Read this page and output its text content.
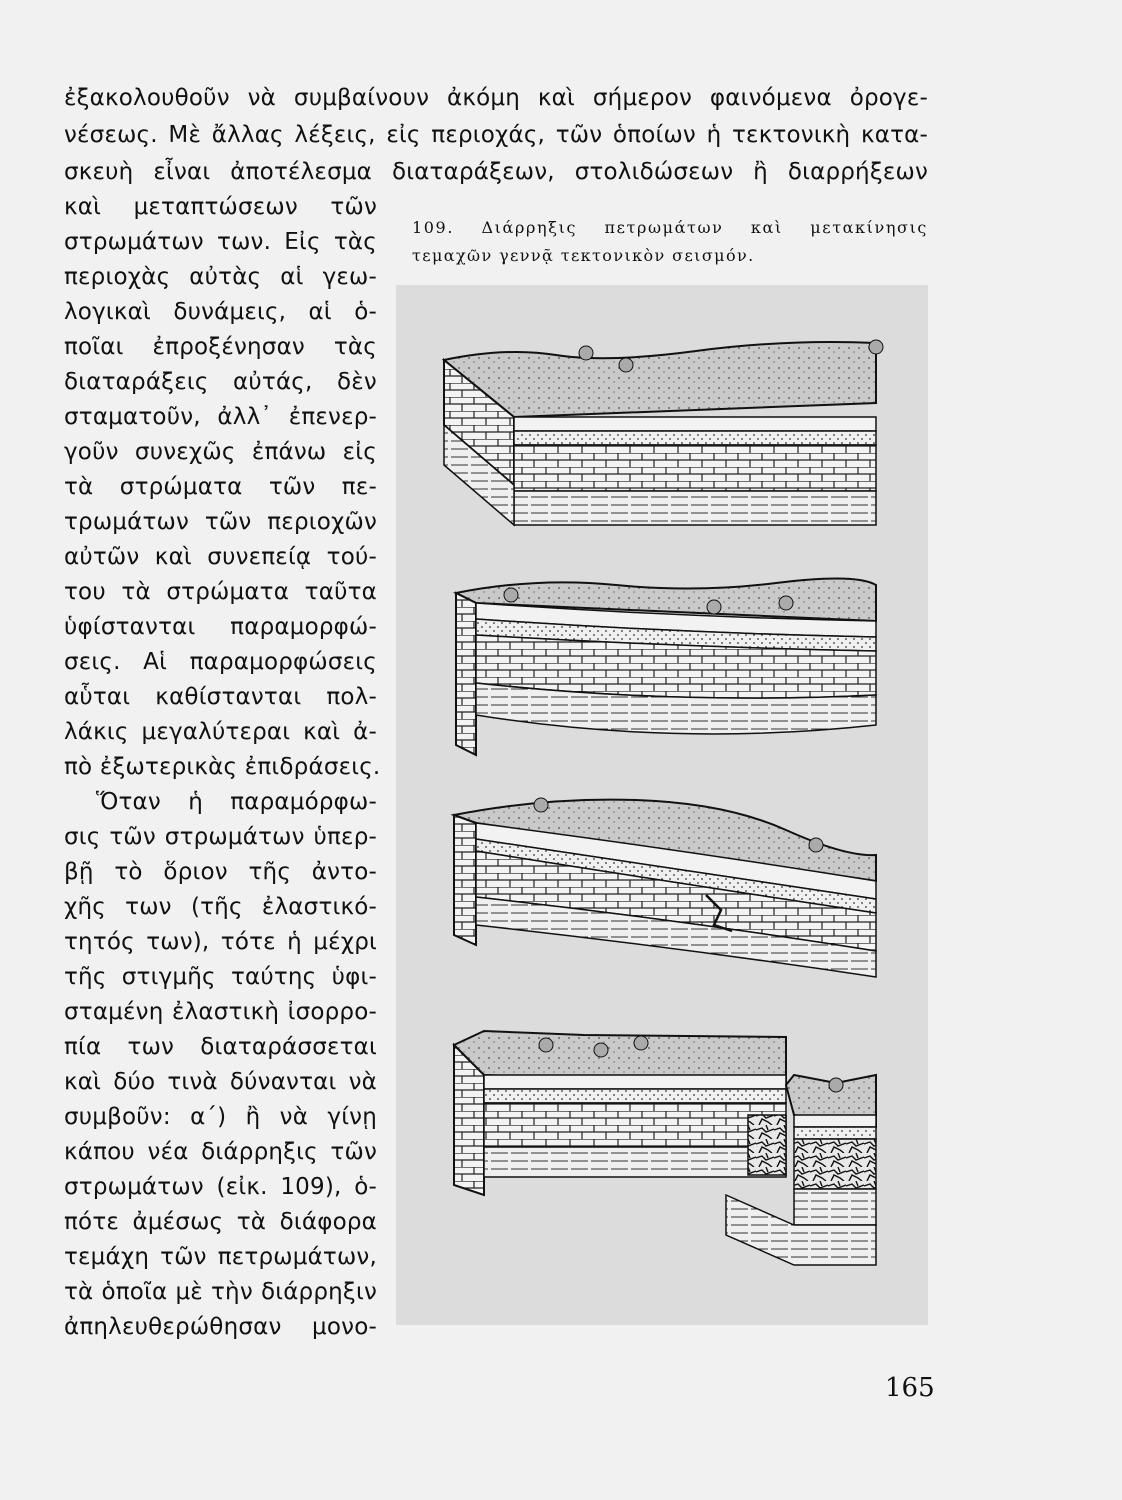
ἐξακολουθοῦν νὰ συμβαίνουν ἀκόμη καὶ σήμερον φαινόμενα ὀρογε-
νέσεως. Μὲ ἄλλας λέξεις, εἰς περιοχάς, τῶν ὁποίων ἡ τεκτονικὴ κατα-
σκευὴ εἶναι ἀποτέλεσμα διαταράξεων, στολιδώσεων ἢ διαρρήξεων
καὶ μεταπτώσεων τῶν
στρωμάτων των. Εἰς τὰς
περιοχὰς αὐτὰς αἱ γεω-
λογικαὶ δυνάμεις, αἱ ὁ-
ποῖαι ἐπροξένησαν τὰς
διαταράξεις αὐτάς, δὲν
σταματοῦν, ἀλλ᾽ ἐπενερ-
γοῦν συνεχῶς ἐπάνω εἰς
τὰ στρώματα τῶν πε-
τρωμάτων τῶν περιοχῶν
αὐτῶν καὶ συνεπείᾳ τού-
του τὰ στρώματα ταῦτα
ὑφίστανται παραμορφώ-
σεις. Αἱ παραμορφώσεις
αὗται καθίστανται πολ-
λάκις μεγαλύτεραι καὶ ἀ-
πὸ ἐξωτερικὰς ἐπιδράσεις.
Ὅταν ἡ παραμόρφω-
σις τῶν στρωμάτων ὑπερ-
βῇ τὸ ὅριον τῆς ἀντο-
χῆς των (τῆς ἐλαστικό-
τητός των), τότε ἡ μέχρι
τῆς στιγμῆς ταύτης ὑφι-
σταμένη ἐλαστικὴ ἰσορρο-
πία των διαταράσσεται
καὶ δύο τινὰ δύνανται νὰ
συμβοῦν: α΄) ἢ νὰ γίνῃ
κάπου νέα διάρρηξις τῶν
στρωμάτων (εἰκ. 109), ὁ-
πότε ἀμέσως τὰ διάφορα
τεμάχη τῶν πετρωμάτων,
τὰ ὁποῖα μὲ τὴν διάρρηξιν
ἀπηλευθερώθησαν μονο-
109. Διάρρηξις πετρωμάτων καὶ μετακίνησις
τεμαχῶν γεννᾷ τεκτονικὸν σεισμόν.
165
